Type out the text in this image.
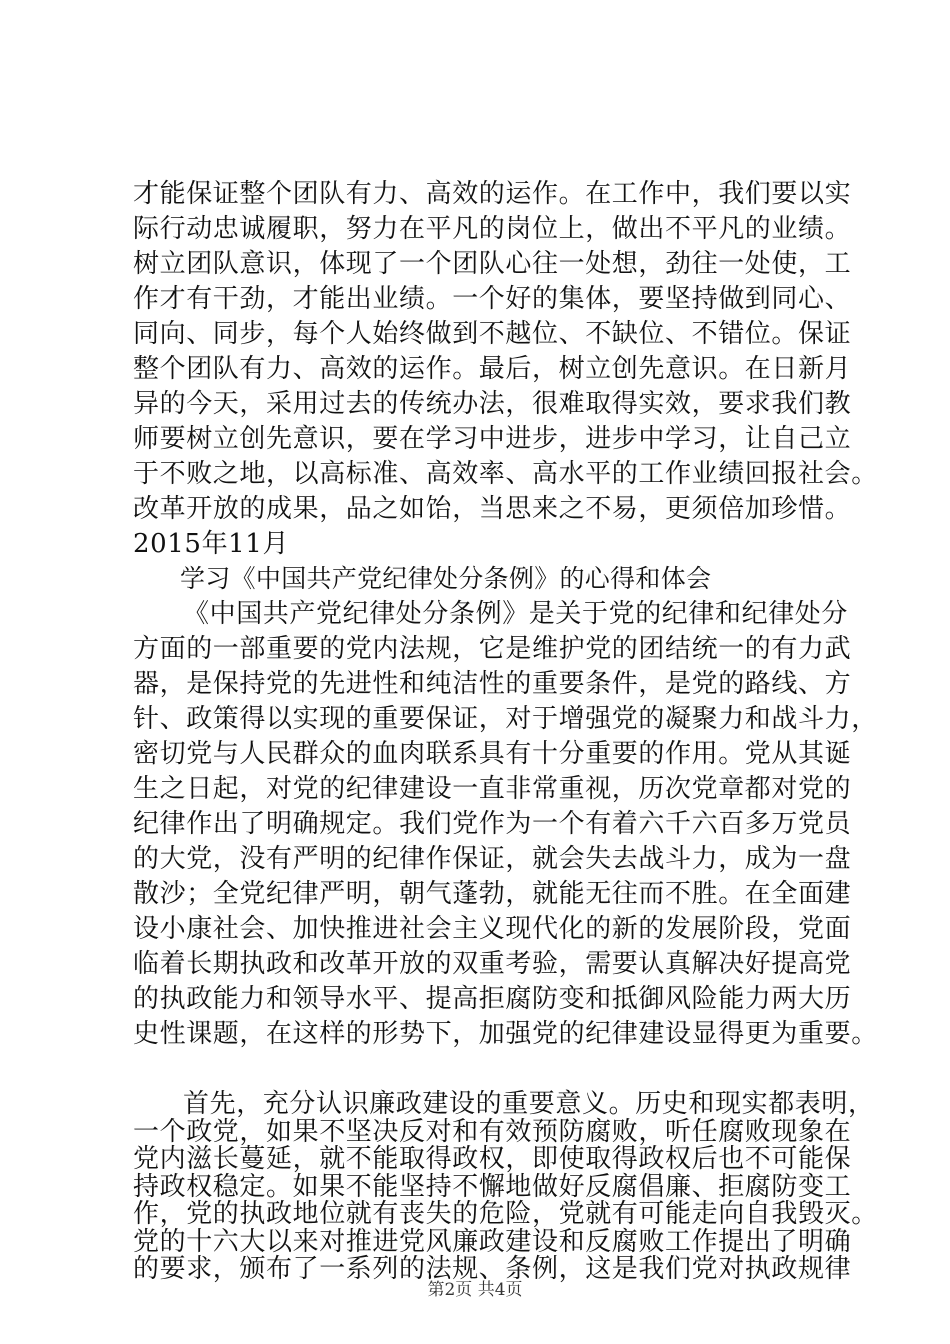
才能保证整个团队有力、高效的运作。在工作中，我们要以实
际行动忠诚履职，努力在平凡的岗位上，做出不平凡的业绩。
树立团队意识，体现了一个团队心往一处想，劲往一处使，工
作才有干劲，才能出业绩。一个好的集体，要坚持做到同心、
同向、同步，每个人始终做到不越位、不缺位、不错位。保证
整个团队有力、高效的运作。最后，树立创先意识。在日新月
异的今天，采用过去的传统办法，很难取得实效，要求我们教
师要树立创先意识，要在学习中进步，进步中学习，让自己立
于不败之地，以高标准、高效率、高水平的工作业绩回报社会。
改革开放的成果，品之如饴，当思来之不易，更须倍加珍惜。
2015年11月
学习《中国共产党纪律处分条例》的心得和体会
《中国共产党纪律处分条例》是关于党的纪律和纪律处分
方面的一部重要的党内法规，它是维护党的团结统一的有力武
器，是保持党的先进性和纯洁性的重要条件，是党的路线、方
针、政策得以实现的重要保证，对于增强党的凝聚力和战斗力，
密切党与人民群众的血肉联系具有十分重要的作用。党从其诞
生之日起，对党的纪律建设一直非常重视，历次党章都对党的
纪律作出了明确规定。我们党作为一个有着六千六百多万党员
的大党，没有严明的纪律作保证，就会失去战斗力，成为一盘
散沙；全党纪律严明，朝气蓬勃，就能无往而不胜。在全面建
设小康社会、加快推进社会主义现代化的新的发展阶段，党面
临着长期执政和改革开放的双重考验，需要认真解决好提高党
的执政能力和领导水平、提高拒腐防变和抵御风险能力两大历
史性课题，在这样的形势下，加强党的纪律建设显得更为重要。
首先，充分认识廉政建设的重要意义。历史和现实都表明，
一个政党，如果不坚决反对和有效预防腐败，听任腐败现象在
党内滋长蔓延，就不能取得政权，即使取得政权后也不可能保
持政权稳定。如果不能坚持不懈地做好反腐倡廉、拒腐防变工
作，党的执政地位就有丧失的危险，党就有可能走向自我毁灭。
第2页 共4页
党的十六大以来对推进党风廉政建设和反腐败工作提出了明确
的要求，颁布了一系列的法规、条例，这是我们党对执政规律
